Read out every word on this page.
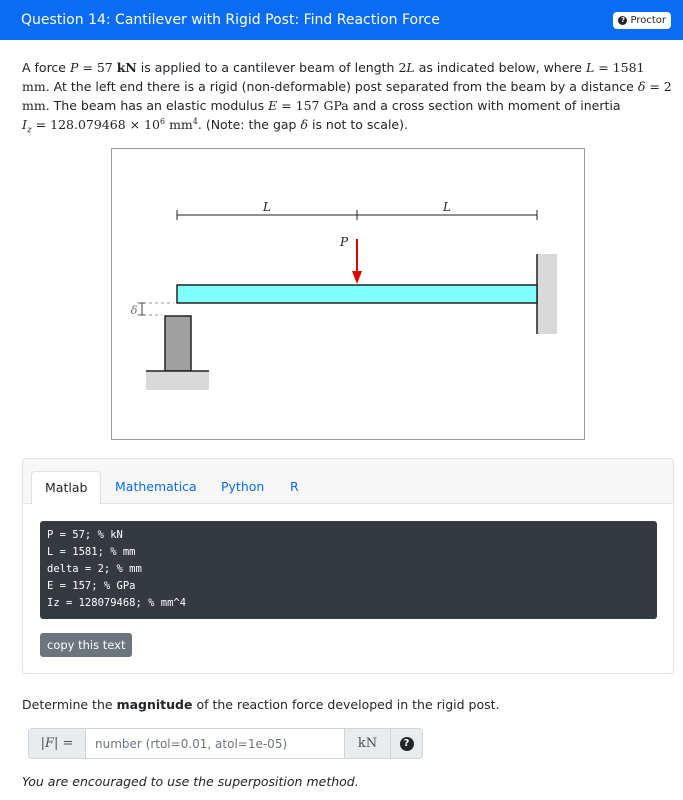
Question 14: Cantilever with Rigid Post: Find Reaction Force	? Proctor
A force P = 57 kN is applied to a cantilever beam of length 2L as indicated below, where L = 1581 mm. At the left end there is a rigid (non-deformable) post separated from the beam by a distance δ = 2 mm. The beam has an elastic modulus E = 157 GPa and a cross section with moment of inertia
$I_z = 128.079468 \times 10^6$ $mm^4$. (Note: the gap δ is not to scale).
L	L
P
δ
Matlab	Mathematica	Python	R
P = 57; % kN
L = 1581; % mm
delta = 2; % mm
E = 157; % GPa
Iz = 128079468; % mm^4
copy this text
Determine the magnitude of the reaction force developed in the rigid post.
|F| =
number (rtol=0.01, atol=1e-05)	kN	?
You are encouraged to use the superposition method.
